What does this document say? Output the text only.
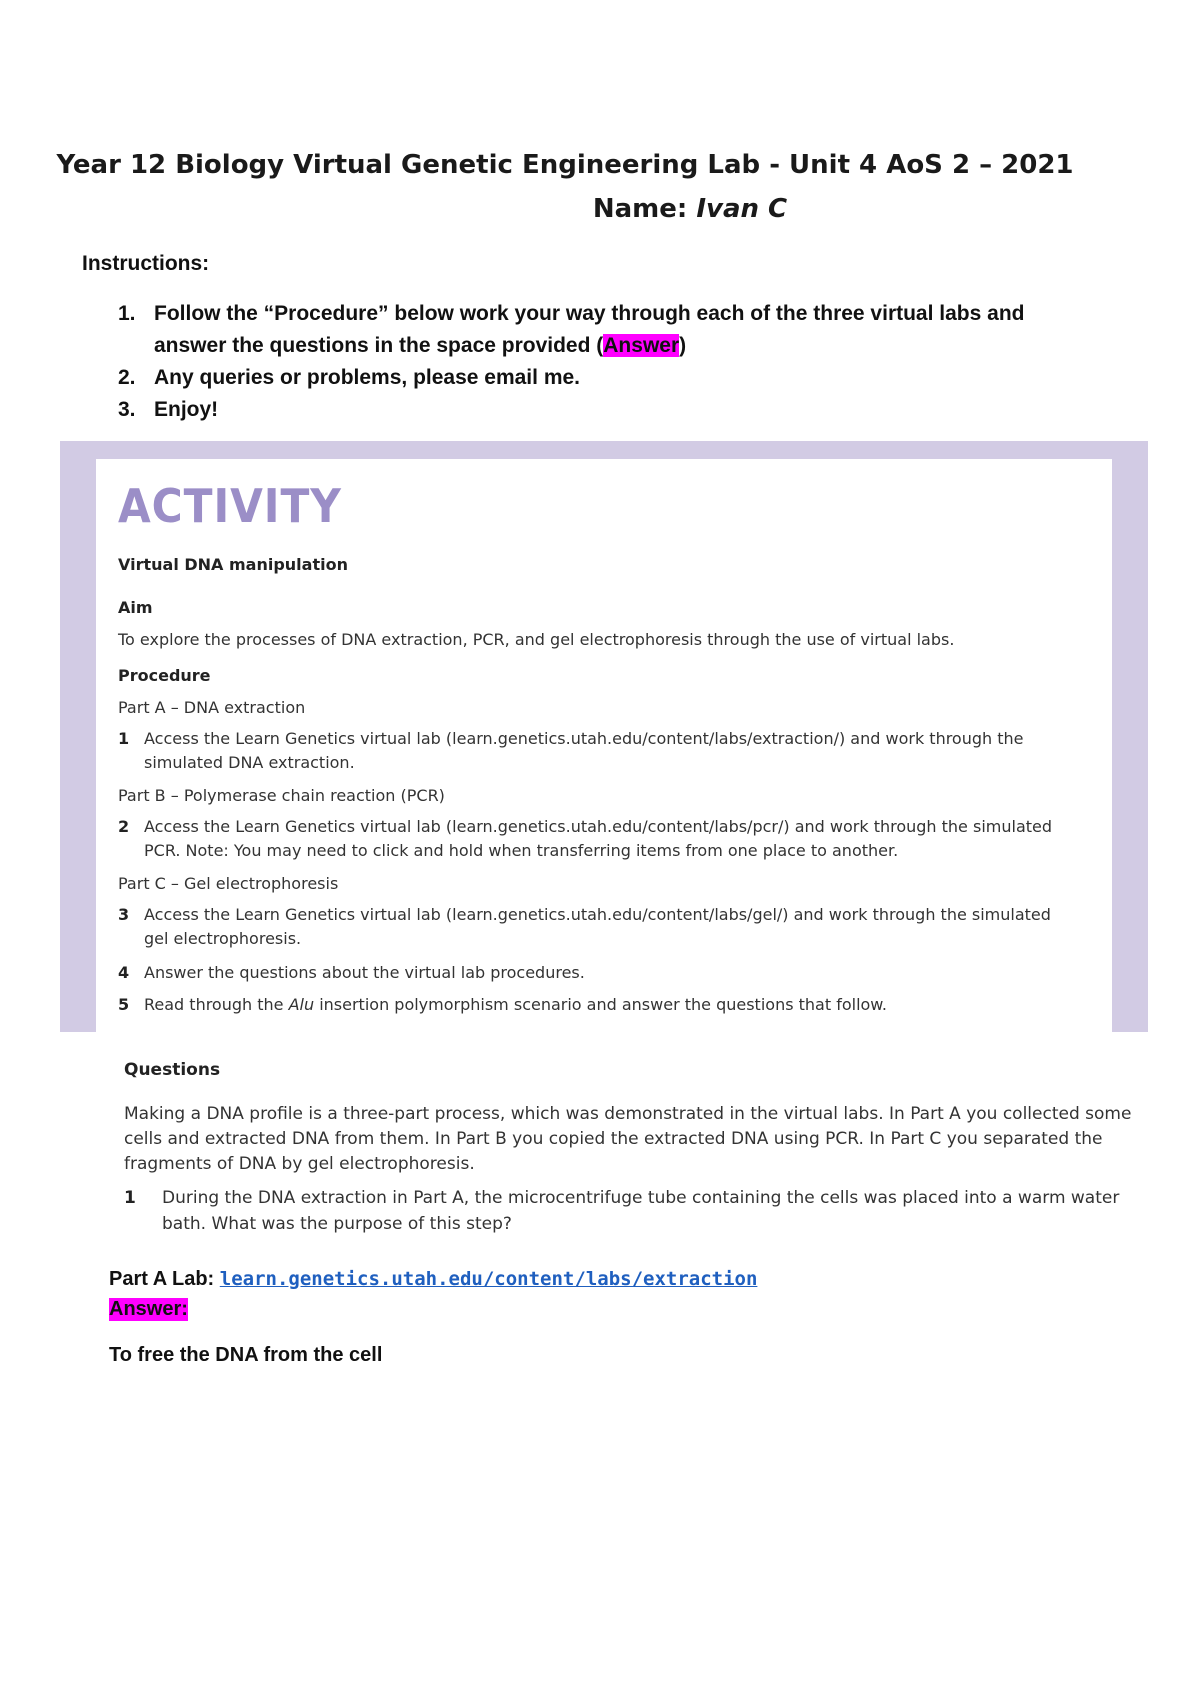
Year 12 Biology Virtual Genetic Engineering Lab - Unit 4 AoS 2 – 2021
Name: Ivan C
Instructions:
1. Follow the “Procedure” below work your way through each of the three virtual labs and answer the questions in the space provided (Answer)
2. Any queries or problems, please email me.
3. Enjoy!
ACTIVITY
Virtual DNA manipulation
Aim
To explore the processes of DNA extraction, PCR, and gel electrophoresis through the use of virtual labs.
Procedure
Part A – DNA extraction
1 Access the Learn Genetics virtual lab (learn.genetics.utah.edu/content/labs/extraction/) and work through the simulated DNA extraction.
Part B – Polymerase chain reaction (PCR)
2 Access the Learn Genetics virtual lab (learn.genetics.utah.edu/content/labs/pcr/) and work through the simulated PCR. Note: You may need to click and hold when transferring items from one place to another.
Part C – Gel electrophoresis
3 Access the Learn Genetics virtual lab (learn.genetics.utah.edu/content/labs/gel/) and work through the simulated gel electrophoresis.
4 Answer the questions about the virtual lab procedures.
5 Read through the Alu insertion polymorphism scenario and answer the questions that follow.
Questions
Making a DNA profile is a three-part process, which was demonstrated in the virtual labs. In Part A you collected some cells and extracted DNA from them. In Part B you copied the extracted DNA using PCR. In Part C you separated the fragments of DNA by gel electrophoresis.
1 During the DNA extraction in Part A, the microcentrifuge tube containing the cells was placed into a warm water bath. What was the purpose of this step?
Part A Lab: learn.genetics.utah.edu/content/labs/extraction
Answer:
To free the DNA from the cell
